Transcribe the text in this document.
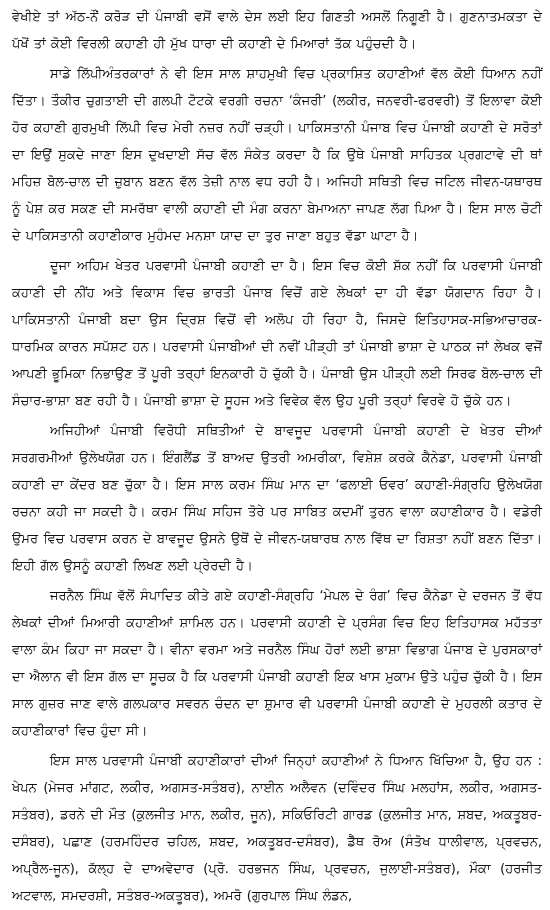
ਵੇਖੀਏ ਤਾਂ ਅੱਠ-ਨੌਂ ਕਰੋੜ ਦੀ ਪੰਜਾਬੀ ਵਸੋਂ ਵਾਲੇ ਦੇਸ ਲਈ ਇਹ ਗਿਣਤੀ ਅਸਲੋਂ ਨਿਗੂਣੀ ਹੈ। ਗੁਣਨਾਤਮਕਤਾ ਦੇ ਪੱਖੋਂ ਤਾਂ ਕੋਈ ਵਿਰਲੀ ਕਹਾਣੀ ਹੀ ਮੁੱਖ ਧਾਰਾ ਦੀ ਕਹਾਣੀ ਦੇ ਮਿਆਰਾਂ ਤੱਕ ਪਹੁੰਚਦੀ ਹੈ।

ਸਾਡੇ ਲਿੱਪੀਅੰਤਰਕਾਰਾਂ ਨੇ ਵੀ ਇਸ ਸਾਲ ਸ਼ਾਹਮੁਖੀ ਵਿਚ ਪ੍ਰਕਾਸ਼ਿਤ ਕਹਾਣੀਆਂ ਵੱਲ ਕੋਈ ਧਿਆਨ ਨਹੀਂ ਦਿੱਤਾ। ਤੌਕੀਰ ਚੁਗਤਾਈ ਦੀ ਗਲਪੀ ਟੋਟਕੇ ਵਰਗੀ ਰਚਨਾ ‘ਕੰਜਰੀ’ (ਲਕੀਰ, ਜਨਵਰੀ-ਫਰਵਰੀ) ਤੋਂ ਇਲਾਵਾ ਕੋਈ ਹੋਰ ਕਹਾਣੀ ਗੁਰਮੁਖੀ ਲਿੱਪੀ ਵਿਚ ਮੇਰੀ ਨਜ਼ਰ ਨਹੀਂ ਚੜ੍ਹੀ। ਪਾਕਿਸਤਾਨੀ ਪੰਜਾਬ ਵਿਚ ਪੰਜਾਬੀ ਕਹਾਣੀ ਦੇ ਸਰੋਤਾਂ ਦਾ ਇਉਂ ਸੁਕਦੇ ਜਾਣਾ ਇਸ ਦੁਖਦਾਈ ਸੱਚ ਵੱਲ ਸੰਕੇਤ ਕਰਦਾ ਹੈ ਕਿ ਉਥੇ ਪੰਜਾਬੀ ਸਾਹਿਤਕ ਪ੍ਰਗਟਾਵੇ ਦੀ ਥਾਂ ਮਹਿਜ਼ ਬੋਲ-ਚਾਲ ਦੀ ਜ਼ੁਬਾਨ ਬਣਨ ਵੱਲ ਤੇਜ਼ੀ ਨਾਲ ਵਧ ਰਹੀ ਹੈ। ਅਜਿਹੀ ਸਥਿਤੀ ਵਿਚ ਜਟਿਲ ਜੀਵਨ-ਯਥਾਰਥ ਨੂੰ ਪੇਸ਼ ਕਰ ਸਕਣ ਦੀ ਸਮਰੱਥਾ ਵਾਲੀ ਕਹਾਣੀ ਦੀ ਮੰਗ ਕਰਨਾ ਬੇਮਾਅਨਾ ਜਾਪਣ ਲੱਗ ਪਿਆ ਹੈ। ਇਸ ਸਾਲ ਚੋਟੀ ਦੇ ਪਾਕਿਸਤਾਨੀ ਕਹਾਣੀਕਾਰ ਮੁਹੰਮਦ ਮਨਸ਼ਾ ਯਾਦ ਦਾ ਤੁਰ ਜਾਣਾ ਬਹੁਤ ਵੱਡਾ ਘਾਟਾ ਹੈ।

ਦੂਜਾ ਅਹਿਮ ਖੇਤਰ ਪਰਵਾਸੀ ਪੰਜਾਬੀ ਕਹਾਣੀ ਦਾ ਹੈ। ਇਸ ਵਿਚ ਕੋਈ ਸ਼ੱਕ ਨਹੀਂ ਕਿ ਪਰਵਾਸੀ ਪੰਜਾਬੀ ਕਹਾਣੀ ਦੀ ਨੀਂਹ ਅਤੇ ਵਿਕਾਸ ਵਿਚ ਭਾਰਤੀ ਪੰਜਾਬ ਵਿਚੋਂ ਗਏ ਲੇਖਕਾਂ ਦਾ ਹੀ ਵੱਡਾ ਯੋਗਦਾਨ ਰਿਹਾ ਹੈ। ਪਾਕਿਸਤਾਨੀ ਪੰਜਾਬੀ ਬਦਾ ਉਸ ਦ੍ਰਿਸ਼ ਵਿਚੋਂ ਵੀ ਅਲੋਪ ਹੀ ਰਿਹਾ ਹੈ, ਜਿਸਦੇ ਇਤਿਹਾਸਕ-ਸਭਿਆਚਾਰਕ- ਧਾਰਮਿਕ ਕਾਰਨ ਸਪੱਸ਼ਟ ਹਨ। ਪਰਵਾਸੀ ਪੰਜਾਬੀਆਂ ਦੀ ਨਵੀਂ ਪੀੜ੍ਹੀ ਤਾਂ ਪੰਜਾਬੀ ਭਾਸ਼ਾ ਦੇ ਪਾਠਕ ਜਾਂ ਲੇਖਕ ਵਜੋਂ ਆਪਣੀ ਭੂਮਿਕਾ ਨਿਭਾਉਣ ਤੋਂ ਪੂਰੀ ਤਰ੍ਹਾਂ ਇਨਕਾਰੀ ਹੋ ਚੁੱਕੀ ਹੈ। ਪੰਜਾਬੀ ਉਸ ਪੀੜ੍ਹੀ ਲਈ ਸਿਰਫ ਬੋਲ-ਚਾਲ ਦੀ ਸੰਚਾਰ-ਭਾਸ਼ਾ ਬਣ ਰਹੀ ਹੈ। ਪੰਜਾਬੀ ਭਾਸ਼ਾ ਦੇ ਸੂਹਜ ਅਤੇ ਵਿਵੇਕ ਵੱਲ ਉਹ ਪੂਰੀ ਤਰ੍ਹਾਂ ਵਿਰਵੇ ਹੋ ਚੁੱਕੇ ਹਨ।

ਅਜਿਹੀਆਂ ਪੰਜਾਬੀ ਵਿਰੋਧੀ ਸਥਿਤੀਆਂ ਦੇ ਬਾਵਜੂਦ ਪਰਵਾਸੀ ਪੰਜਾਬੀ ਕਹਾਣੀ ਦੇ ਖੇਤਰ ਦੀਆਂ ਸਰਗਰਮੀਆਂ ਉਲੇਖਯੋਗ ਹਨ। ਇੰਗਲੈਂਡ ਤੋਂ ਬਾਅਦ ਉਤਰੀ ਅਮਰੀਕਾ, ਵਿਸ਼ੇਸ਼ ਕਰਕੇ ਕੈਨੇਡਾ, ਪਰਵਾਸੀ ਪੰਜਾਬੀ ਕਹਾਣੀ ਦਾ ਕੇਂਦਰ ਬਣ ਚੁੱਕਾ ਹੈ। ਇਸ ਸਾਲ ਕਰਮ ਸਿੰਘ ਮਾਨ ਦਾ ‘ਫਲਾਈ ਓਵਰ’ ਕਹਾਣੀ-ਸੰਗ੍ਰਹਿ ਉਲੇਖਯੋਗ ਰਚਨਾ ਕਹੀ ਜਾ ਸਕਦੀ ਹੈ। ਕਰਮ ਸਿੰਘ ਸਹਿਜ ਤੋਰੇ ਪਰ ਸਾਬਿਤ ਕਦਮੀਂ ਤੁਰਨ ਵਾਲਾ ਕਹਾਣੀਕਾਰ ਹੈ। ਵਡੇਰੀ ਉਮਰ ਵਿਚ ਪਰਵਾਸ ਕਰਨ ਦੇ ਬਾਵਜੂਦ ਉਸਨੇ ਉਥੋਂ ਦੇ ਜੀਵਨ-ਯਥਾਰਥ ਨਾਲ ਵਿੱਥ ਦਾ ਰਿਸ਼ਤਾ ਨਹੀਂ ਬਣਨ ਦਿੱਤਾ। ਇਹੀ ਗੱਲ ਉਸਨੂੰ ਕਹਾਣੀ ਲਿਖਣ ਲਈ ਪ੍ਰੇਰਦੀ ਹੈ।

ਜਰਨੈਲ ਸਿੰਘ ਵੱਲੋਂ ਸੰਪਾਦਿਤ ਕੀਤੇ ਗਏ ਕਹਾਣੀ-ਸੰਗ੍ਰਹਿ ‘ਮੇਪਲ ਦੇ ਰੰਗ’ ਵਿਚ ਕੈਨੇਡਾ ਦੇ ਦਰਜਨ ਤੋਂ ਵੱਧ ਲੇਖਕਾਂ ਦੀਆਂ ਮਿਆਰੀ ਕਹਾਣੀਆਂ ਸ਼ਾਮਿਲ ਹਨ। ਪਰਵਾਸੀ ਕਹਾਣੀ ਦੇ ਪ੍ਰਸੰਗ ਵਿਚ ਇਹ ਇਤਿਹਾਸਕ ਮਹੱਤਤਾ ਵਾਲਾ ਕੰਮ ਕਿਹਾ ਜਾ ਸਕਦਾ ਹੈ। ਵੀਨਾ ਵਰਮਾ ਅਤੇ ਜਰਨੈਲ ਸਿੰਘ ਹੋਰਾਂ ਲਈ ਭਾਸ਼ਾ ਵਿਭਾਗ ਪੰਜਾਬ ਦੇ ਪੁਰਸਕਾਰਾਂ ਦਾ ਐਲਾਨ ਵੀ ਇਸ ਗੱਲ ਦਾ ਸੂਚਕ ਹੈ ਕਿ ਪਰਵਾਸੀ ਪੰਜਾਬੀ ਕਹਾਣੀ ਇਕ ਖਾਸ ਮੁਕਾਮ ਉਤੇ ਪਹੁੰਚ ਚੁੱਕੀ ਹੈ। ਇਸ ਸਾਲ ਗੁਜ਼ਰ ਜਾਣ ਵਾਲੇ ਗਲਪਕਾਰ ਸਵਰਨ ਚੰਦਨ ਦਾ ਸ਼ੁਮਾਰ ਵੀ ਪਰਵਾਸੀ ਪੰਜਾਬੀ ਕਹਾਣੀ ਦੇ ਮੁਹਰਲੀ ਕਤਾਰ ਦੇ ਕਹਾਣੀਕਾਰਾਂ ਵਿਚ ਹੁੰਦਾ ਸੀ।

ਇਸ ਸਾਲ ਪਰਵਾਸੀ ਪੰਜਾਬੀ ਕਹਾਣੀਕਾਰਾਂ ਦੀਆਂ ਜਿਨ੍ਹਾਂ ਕਹਾਣੀਆਂ ਨੇ ਧਿਆਨ ਖਿੱਚਿਆ ਹੈ, ਉਹ ਹਨ : ਖੇਪਨ (ਮੇਜਰ ਮਾਂਗਟ, ਲਕੀਰ, ਅਗਸਤ-ਸਤੰਬਰ), ਨਾਈਨ ਅਲੈਵਨ (ਦਵਿੰਦਰ ਸਿੰਘ ਮਲਹਾਂਸ, ਲਕੀਰ, ਅਗਸਤ-ਸਤੰਬਰ), ਡਰਨੇ ਦੀ ਮੌਤ (ਕੁਲਜੀਤ ਮਾਨ, ਲਕੀਰ, ਜੂਨ), ਸਕਿਓਰਿਟੀ ਗਾਰਡ (ਕੁਲਜੀਤ ਮਾਨ, ਸ਼ਬਦ, ਅਕਤੂਬਰ-ਦਸੰਬਰ), ਪਛਾਣ (ਹਰਮਹਿੰਦਰ ਚਹਿਲ, ਸ਼ਬਦ, ਅਕਤੂਬਰ-ਦਸੰਬਰ), ਡੈੱਥ ਰੋਅ (ਸੰਤੋਖ ਧਾਲੀਵਾਲ, ਪ੍ਰਵਚਨ, ਅਪ੍ਰੈਲ-ਜੂਨ), ਕੱਲ੍ਹ ਦੇ ਦਾਅਵੇਦਾਰ (ਪ੍ਰੋ. ਹਰਭਜਨ ਸਿੰਘ, ਪ੍ਰਵਚਨ, ਜੁਲਾਈ-ਸਤੰਬਰ), ਮੌਕਾ (ਹਰਜੀਤ ਅਟਵਾਲ, ਸਮਦਰਸ਼ੀ, ਸਤੰਬਰ-ਅਕਤੂਬਰ), ਅਮਰੋ (ਗੁਰਪਾਲ ਸਿੰਘ ਲੰਡਨ,
